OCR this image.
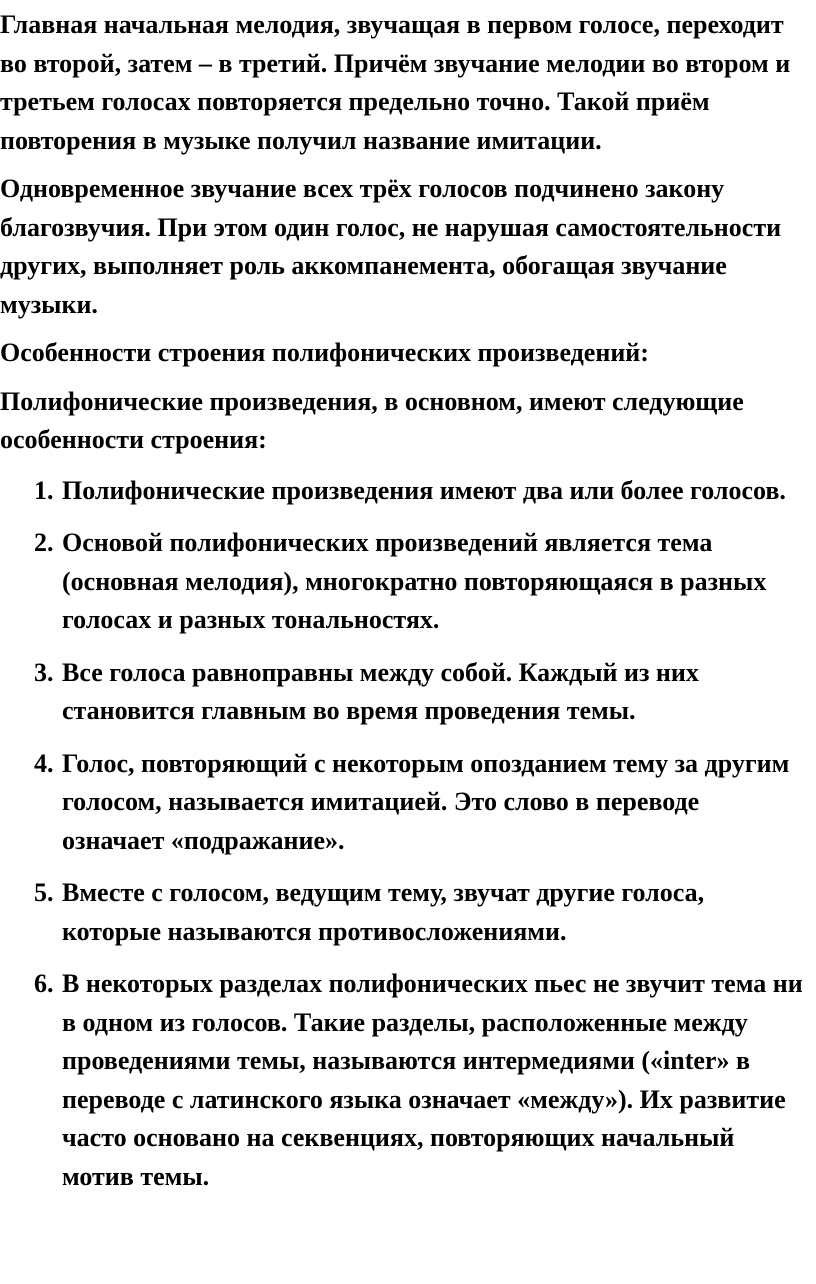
Главная начальная мелодия, звучащая в первом голосе, переходит во второй, затем – в третий. Причём звучание мелодии во втором и третьем голосах повторяется предельно точно. Такой приём повторения в музыке получил название имитации.

Одновременное звучание всех трёх голосов подчинено закону благозвучия. При этом один голос, не нарушая самостоятельности других, выполняет роль аккомпанемента, обогащая звучание музыки.

Особенности строения полифонических произведений:

Полифонические произведения, в основном, имеют следующие особенности строения:

1. Полифонические произведения имеют два или более голосов.
2. Основой полифонических произведений является тема (основная мелодия), многократно повторяющаяся в разных голосах и разных тональностях.
3. Все голоса равноправны между собой. Каждый из них становится главным во время проведения темы.
4. Голос, повторяющий с некоторым опозданием тему за другим голосом, называется имитацией. Это слово в переводе означает «подражание».
5. Вместе с голосом, ведущим тему, звучат другие голоса, которые называются противосложениями.
6. В некоторых разделах полифонических пьес не звучит тема ни в одном из голосов. Такие разделы, расположенные между проведениями темы, называются интермедиями («inter» в переводе с латинского языка означает «между»). Их развитие часто основано на секвенциях, повторяющих начальный мотив темы.
